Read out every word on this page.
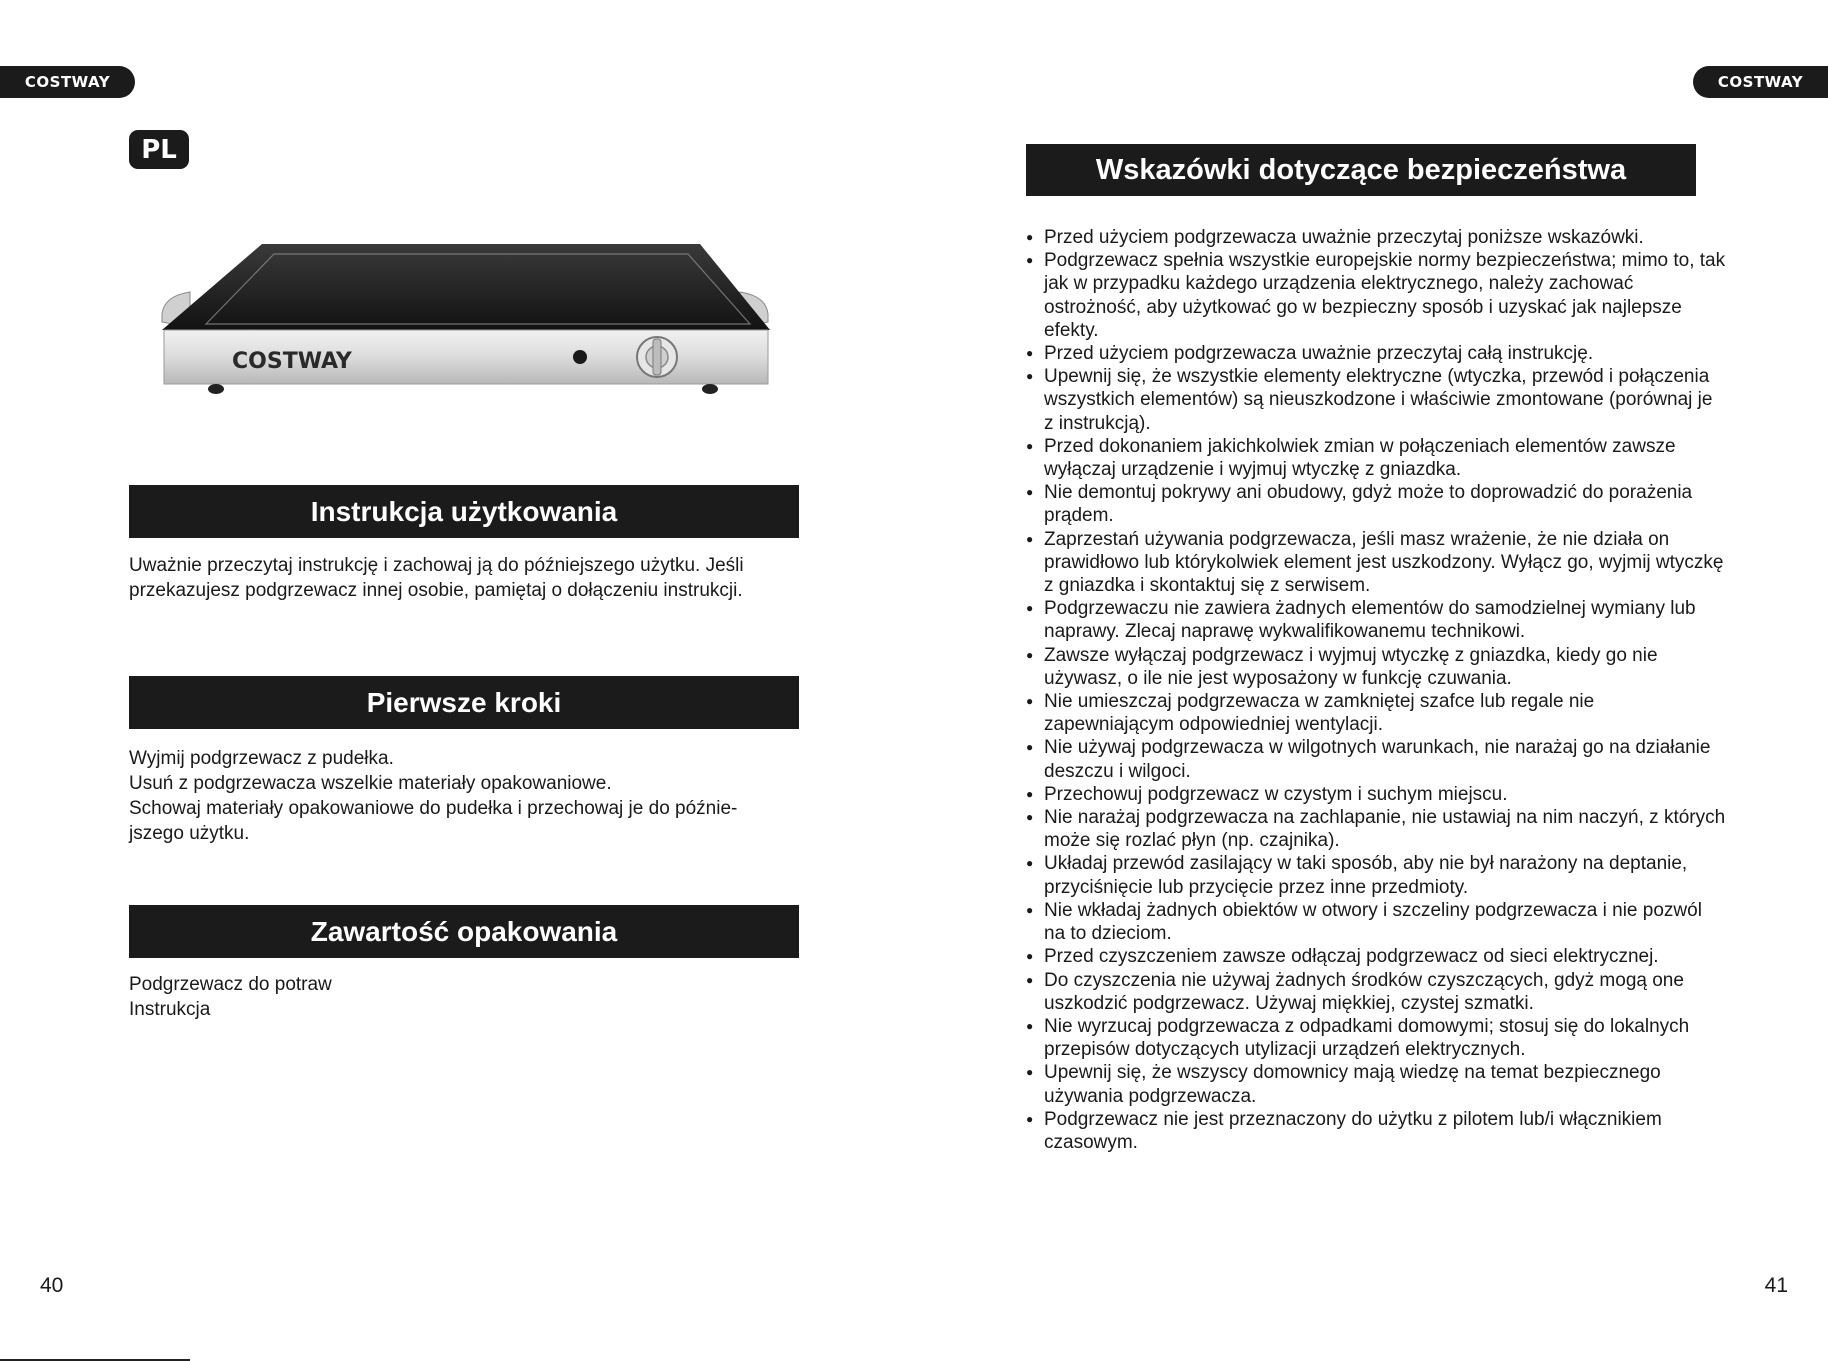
COSTWAY	COSTWAY
PL
COSTWAY
Instrukcja użytkowania

Uważnie przeczytaj instrukcję i zachowaj ją do późniejszego użytku. Jeśli

przekazujesz podgrzewacz innej osobie, pamiętaj o dołączeniu instrukcji.

Pierwsze kroki

Wyjmij podgrzewacz z pudełka.

Usuń z podgrzewacza wszelkie materiały opakowaniowe.

Schowaj materiały opakowaniowe do pudełka i przechowaj je do późnie-

jszego użytku.

Zawartość opakowania

Podgrzewacz do potraw

Instrukcja

Wskazówki dotyczące bezpieczeństwa
● Przed użyciem podgrzewacza uważnie przeczytaj poniższe wskazówki.
● Podgrzewacz spełnia wszystkie europejskie normy bezpieczeństwa; mimo to, tak jak w przypadku każdego urządzenia elektrycznego, należy zachować ostrożność, aby użytkować go w bezpieczny sposób i uzyskać jak najlepsze efekty.
● Przed użyciem podgrzewacza uważnie przeczytaj całą instrukcję.
● Upewnij się, że wszystkie elementy elektryczne (wtyczka, przewód i połączenia wszystkich elementów) są nieuszkodzone i właściwie zmontowane (porównaj je z instrukcją).
● Przed dokonaniem jakichkolwiek zmian w połączeniach elementów zawsze wyłączaj urządzenie i wyjmuj wtyczkę z gniazdka.
● Nie demontuj pokrywy ani obudowy, gdyż może to doprowadzić do porażenia prądem.
● Zaprzestań używania podgrzewacza, jeśli masz wrażenie, że nie działa on prawidłowo lub którykolwiek element jest uszkodzony. Wyłącz go, wyjmij wtyczkę z gniazdka i skontaktuj się z serwisem.
● Podgrzewaczu nie zawiera żadnych elementów do samodzielnej wymiany lub naprawy. Zlecaj naprawę wykwalifikowanemu technikowi.
● Zawsze wyłączaj podgrzewacz i wyjmuj wtyczkę z gniazdka, kiedy go nie używasz, o ile nie jest wyposażony w funkcję czuwania.
● Nie umieszczaj podgrzewacza w zamkniętej szafce lub regale nie zapewniającym odpowiedniej wentylacji.
● Nie używaj podgrzewacza w wilgotnych warunkach, nie narażaj go na działanie deszczu i wilgoci.
● Przechowuj podgrzewacz w czystym i suchym miejscu.
● Nie narażaj podgrzewacza na zachlapanie, nie ustawiaj na nim naczyń, z których może się rozlać płyn (np. czajnika).
● Układaj przewód zasilający w taki sposób, aby nie był narażony na deptanie, przyciśnięcie lub przycięcie przez inne przedmioty.
● Nie wkładaj żadnych obiektów w otwory i szczeliny podgrzewacza i nie pozwól na to dzieciom.
● Przed czyszczeniem zawsze odłączaj podgrzewacz od sieci elektrycznej.
● Do czyszczenia nie używaj żadnych środków czyszczących, gdyż mogą one uszkodzić podgrzewacz. Używaj miękkiej, czystej szmatki.
● Nie wyrzucaj podgrzewacza z odpadkami domowymi; stosuj się do lokalnych przepisów dotyczących utylizacji urządzeń elektrycznych.
● Upewnij się, że wszyscy domownicy mają wiedzę na temat bezpiecznego używania podgrzewacza.
● Podgrzewacz nie jest przeznaczony do użytku z pilotem lub/i włącznikiem czasowym.
40	41
